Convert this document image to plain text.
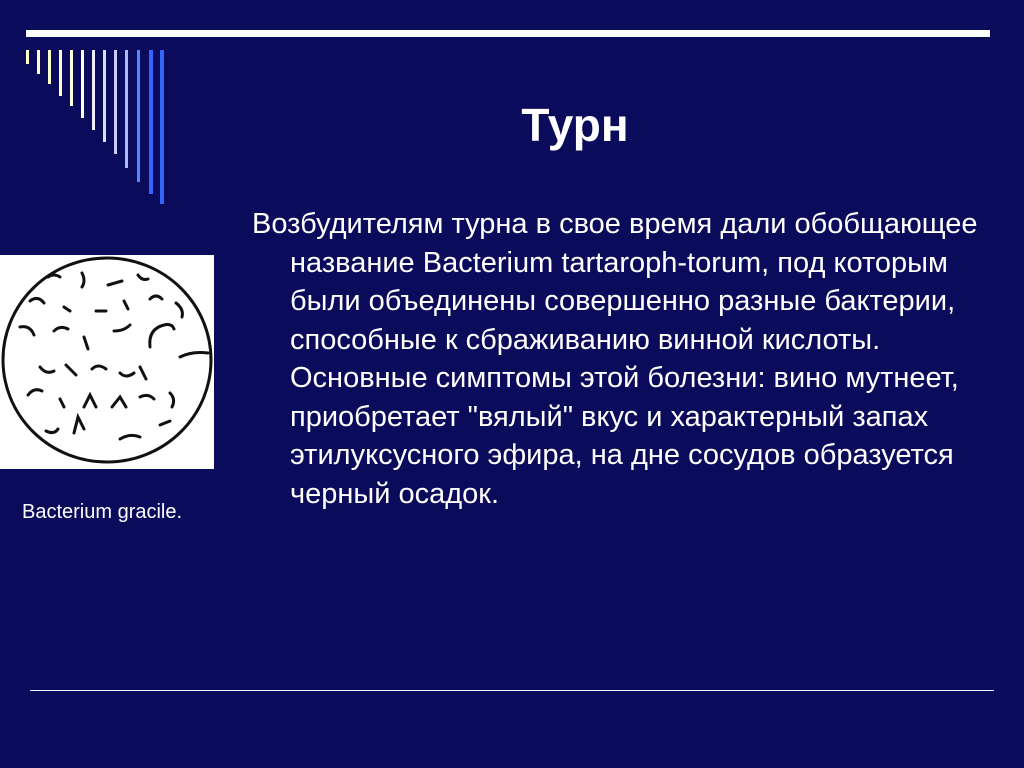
Турн

Bacterium gracile.

Возбудителям турна в свое время дали обобщающее название Bacterium tartaroph-torum, под которым были объединены совершенно разные бактерии, способные к сбраживанию винной кислоты. Основные симптомы этой болезни: вино мутнеет, приобретает "вялый" вкус и характерный запах этилуксусного эфира, на дне сосудов образуется черный осадок.
